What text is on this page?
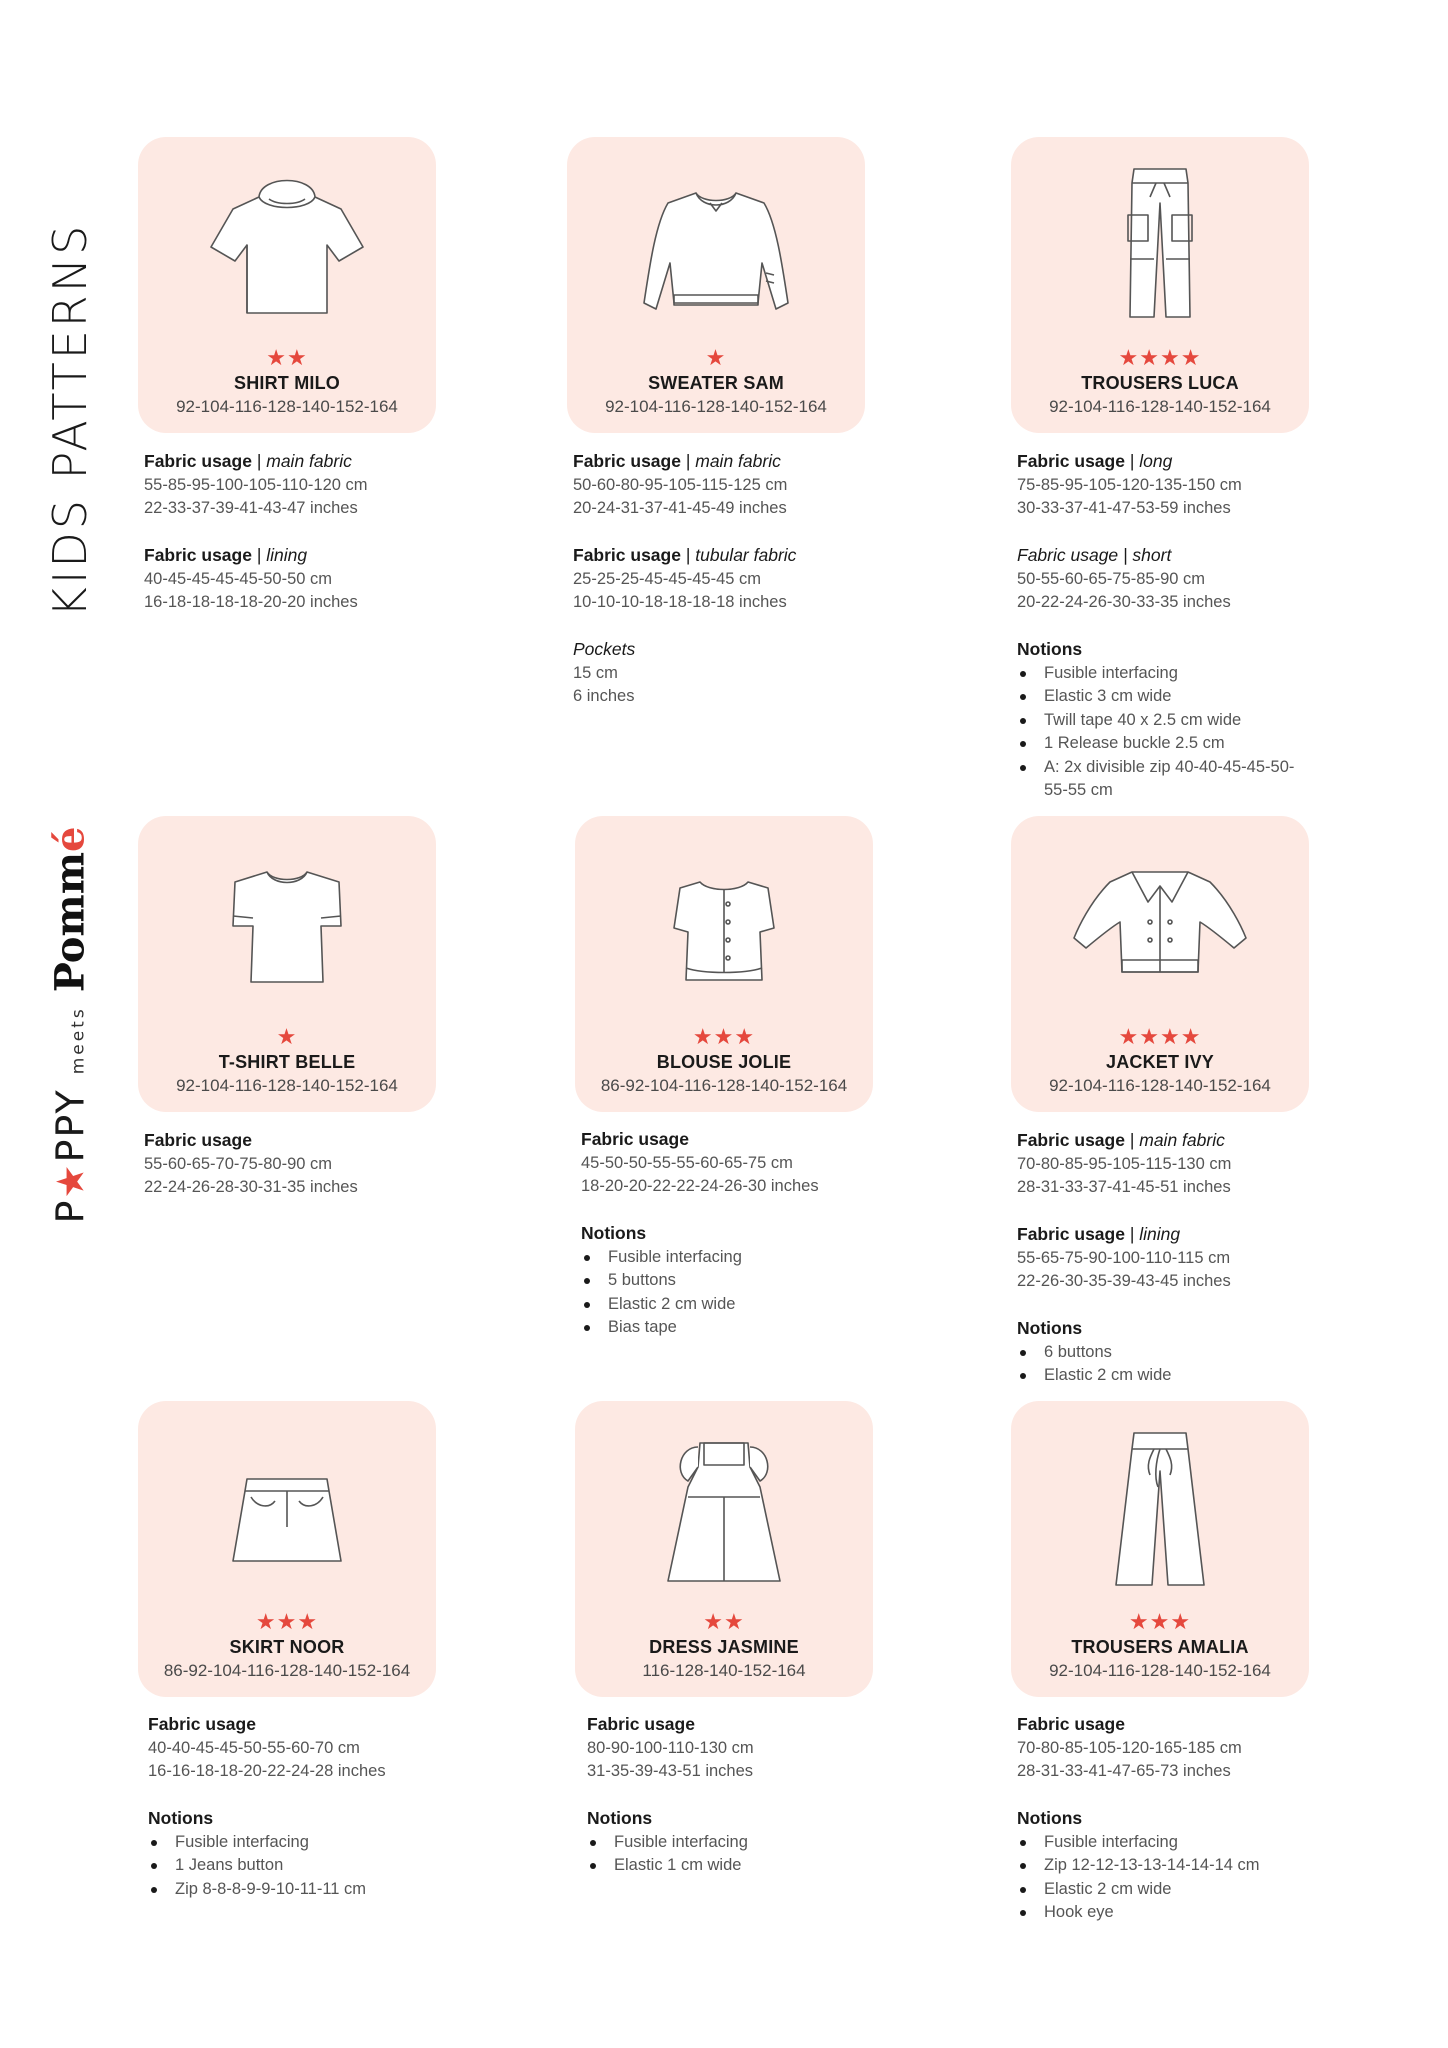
KIDS PATTERNS
P★PPY
meets
Pommé
★★
SHIRT MILO
92-104-116-128-140-152-164
Fabric usage | main fabric
55-85-95-100-105-110-120 cm
22-33-37-39-41-43-47 inches
Fabric usage | lining
40-45-45-45-45-50-50 cm
16-18-18-18-18-20-20 inches
★
SWEATER SAM
92-104-116-128-140-152-164
Fabric usage | main fabric
50-60-80-95-105-115-125 cm
20-24-31-37-41-45-49 inches
Fabric usage | tubular fabric
25-25-25-45-45-45-45 cm
10-10-10-18-18-18-18 inches
Pockets
15 cm
6 inches
★★★★
TROUSERS LUCA
92-104-116-128-140-152-164
Fabric usage | long
75-85-95-105-120-135-150 cm
30-33-37-41-47-53-59 inches
Fabric usage | short
50-55-60-65-75-85-90 cm
20-22-24-26-30-33-35 inches
Notions
Fusible interfacing
Elastic 3 cm wide
Twill tape 40 x 2.5 cm wide
1 Release buckle 2.5 cm
A: 2x divisible zip 40-40-45-45-50-55-55 cm
★
T-SHIRT BELLE
92-104-116-128-140-152-164
Fabric usage
55-60-65-70-75-80-90 cm
22-24-26-28-30-31-35 inches
★★★
BLOUSE JOLIE
86-92-104-116-128-140-152-164
Fabric usage
45-50-50-55-55-60-65-75 cm
18-20-20-22-22-24-26-30 inches
Notions
Fusible interfacing
5 buttons
Elastic 2 cm wide
Bias tape
★★★★
JACKET IVY
92-104-116-128-140-152-164
Fabric usage | main fabric
70-80-85-95-105-115-130 cm
28-31-33-37-41-45-51 inches
Fabric usage | lining
55-65-75-90-100-110-115 cm
22-26-30-35-39-43-45 inches
Notions
6 buttons
Elastic 2 cm wide
★★★
SKIRT NOOR
86-92-104-116-128-140-152-164
Fabric usage
40-40-45-45-50-55-60-70 cm
16-16-18-18-20-22-24-28 inches
Notions
Fusible interfacing
1 Jeans button
Zip 8-8-8-9-9-10-11-11 cm
★★
DRESS JASMINE
116-128-140-152-164
Fabric usage
80-90-100-110-130 cm
31-35-39-43-51 inches
Notions
Fusible interfacing
Elastic 1 cm wide
★★★
TROUSERS AMALIA
92-104-116-128-140-152-164
Fabric usage
70-80-85-105-120-165-185 cm
28-31-33-41-47-65-73 inches
Notions
Fusible interfacing
Zip 12-12-13-13-14-14-14 cm
Elastic 2 cm wide
Hook eye
